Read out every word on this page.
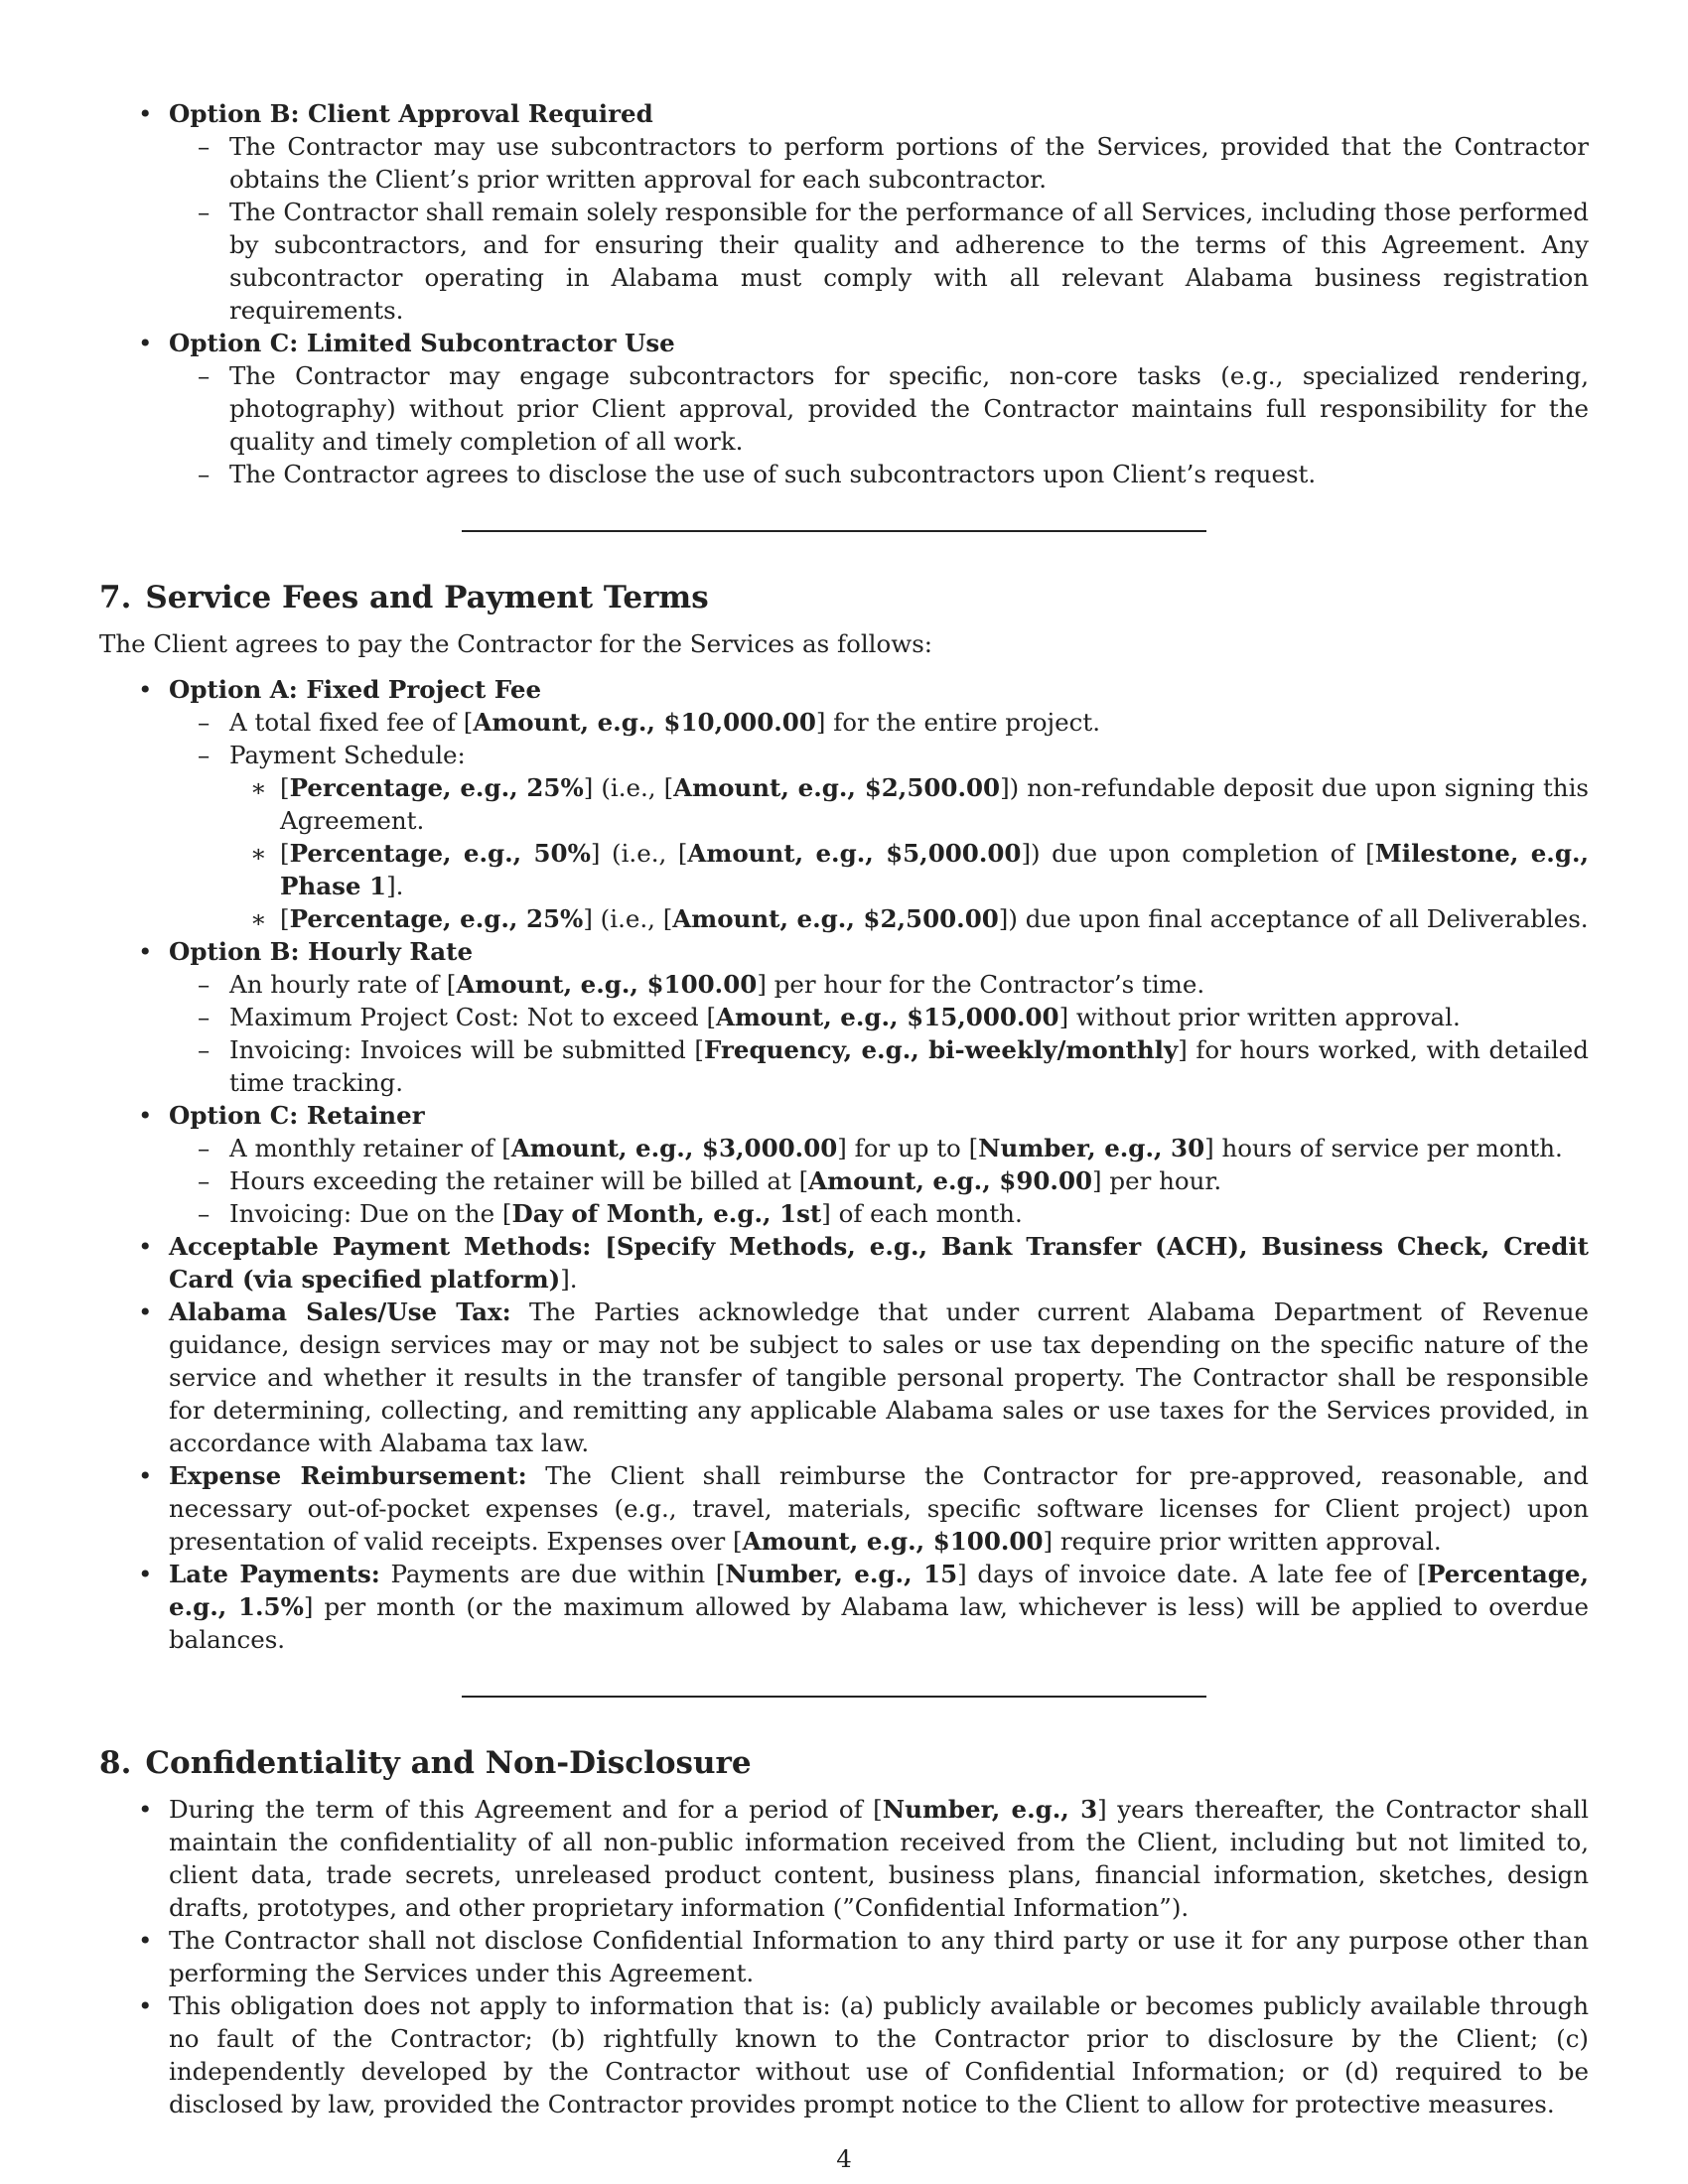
• Option B: Client Approval Required
– The Contractor may use subcontractors to perform portions of the Services, provided that the Contractor obtains the Client’s prior written approval for each subcontractor.
– The Contractor shall remain solely responsible for the performance of all Services, including those performed by subcontractors, and for ensuring their quality and adherence to the terms of this Agreement. Any subcontractor operating in Alabama must comply with all relevant Alabama business registration requirements.
• Option C: Limited Subcontractor Use
– The Contractor may engage subcontractors for specific, non-core tasks (e.g., specialized rendering, photography) without prior Client approval, provided the Contractor maintains full responsibility for the quality and timely completion of all work.
– The Contractor agrees to disclose the use of such subcontractors upon Client’s request.
7. Service Fees and Payment Terms

The Client agrees to pay the Contractor for the Services as follows:

• Option A: Fixed Project Fee
– A total fixed fee of [Amount, e.g., $10,000.00] for the entire project.
– Payment Schedule:
∗ [Percentage, e.g., 25%] (i.e., [Amount, e.g., $2,500.00]) non-refundable deposit due upon signing this Agreement.
∗ [Percentage, e.g., 50%] (i.e., [Amount, e.g., $5,000.00]) due upon completion of [Milestone, e.g., Phase 1].
∗ [Percentage, e.g., 25%] (i.e., [Amount, e.g., $2,500.00]) due upon final acceptance of all Deliverables.
• Option B: Hourly Rate
– An hourly rate of [Amount, e.g., $100.00] per hour for the Contractor’s time.
– Maximum Project Cost: Not to exceed [Amount, e.g., $15,000.00] without prior written approval.
– Invoicing: Invoices will be submitted [Frequency, e.g., bi-weekly/monthly] for hours worked, with detailed time tracking.
• Option C: Retainer
– A monthly retainer of [Amount, e.g., $3,000.00] for up to [Number, e.g., 30] hours of service per month.
– Hours exceeding the retainer will be billed at [Amount, e.g., $90.00] per hour.
– Invoicing: Due on the [Day of Month, e.g., 1st] of each month.
• Acceptable Payment Methods: [Specify Methods, e.g., Bank Transfer (ACH), Business Check, Credit Card (via specified platform)].
• Alabama Sales/Use Tax: The Parties acknowledge that under current Alabama Department of Revenue guidance, design services may or may not be subject to sales or use tax depending on the specific nature of the service and whether it results in the transfer of tangible personal property. The Contractor shall be responsible for determining, collecting, and remitting any applicable Alabama sales or use taxes for the Services provided, in accordance with Alabama tax law.
• Expense Reimbursement: The Client shall reimburse the Contractor for pre-approved, reasonable, and necessary out-of-pocket expenses (e.g., travel, materials, specific software licenses for Client project) upon presentation of valid receipts. Expenses over [Amount, e.g., $100.00] require prior written approval.
• Late Payments: Payments are due within [Number, e.g., 15] days of invoice date. A late fee of [Percentage, e.g., 1.5%] per month (or the maximum allowed by Alabama law, whichever is less) will be applied to overdue balances.
8. Confidentiality and Non-Disclosure
• During the term of this Agreement and for a period of [Number, e.g., 3] years thereafter, the Contractor shall maintain the confidentiality of all non-public information received from the Client, including but not limited to, client data, trade secrets, unreleased product content, business plans, financial information, sketches, design drafts, prototypes, and other proprietary information (”Confidential Information”).
• The Contractor shall not disclose Confidential Information to any third party or use it for any purpose other than performing the Services under this Agreement.
• This obligation does not apply to information that is: (a) publicly available or becomes publicly available through no fault of the Contractor; (b) rightfully known to the Contractor prior to disclosure by the Client; (c) independently developed by the Contractor without use of Confidential Information; or (d) required to be disclosed by law, provided the Contractor provides prompt notice to the Client to allow for protective measures.
4
